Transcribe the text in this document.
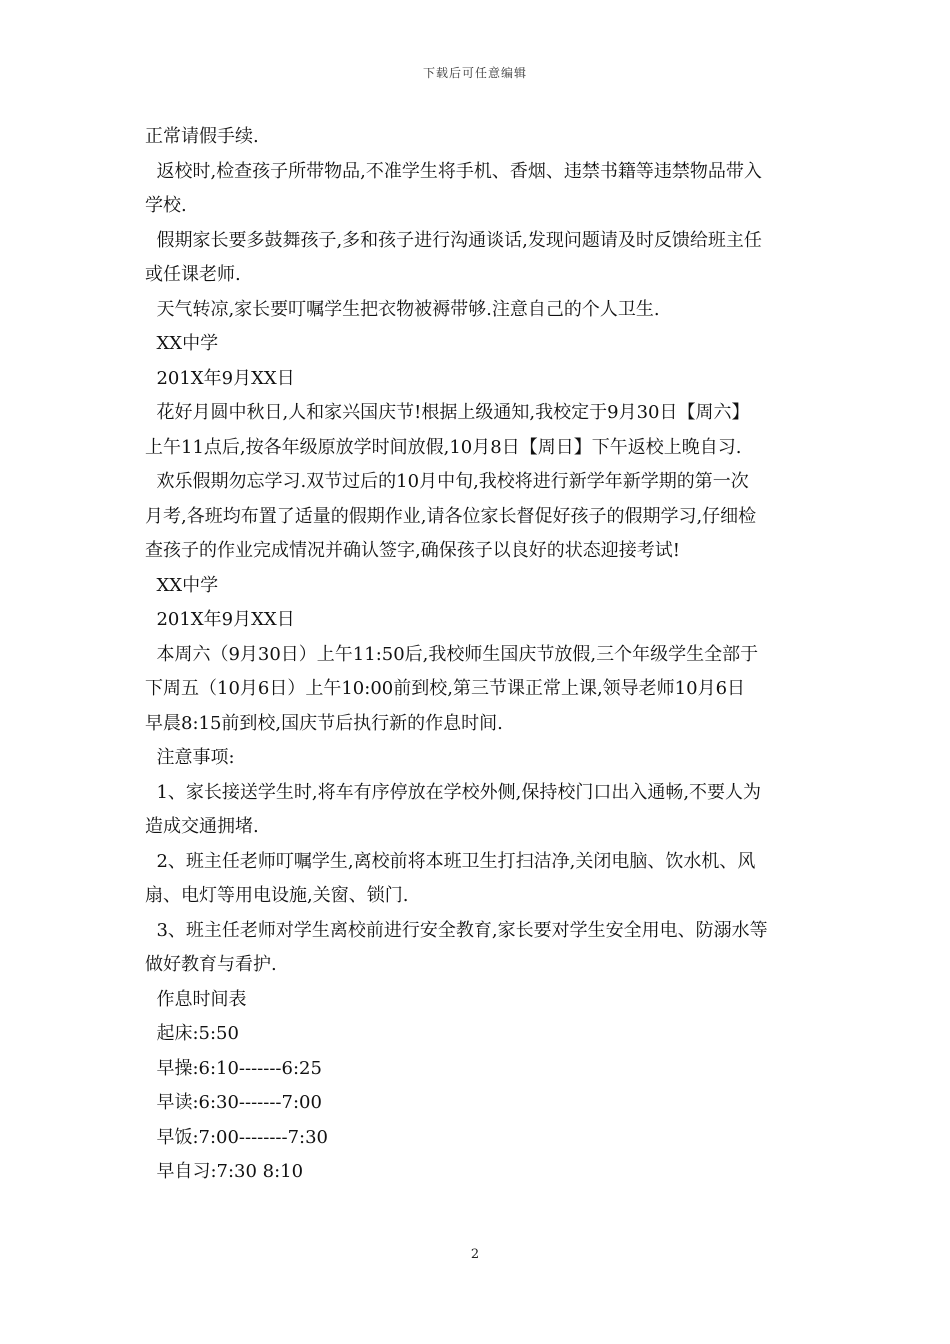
下载后可任意编辑
正常请假手续.
返校时,检查孩子所带物品,不准学生将手机、香烟、违禁书籍等违禁物品带入
学校.
假期家长要多鼓舞孩子,多和孩子进行沟通谈话,发现问题请及时反馈给班主任
或任课老师.
天气转凉,家长要叮嘱学生把衣物被褥带够.注意自己的个人卫生.
XX中学
201X年9月XX日
花好月圆中秋日,人和家兴国庆节!根据上级通知,我校定于9月30日【周六】
上午11点后,按各年级原放学时间放假,10月8日【周日】下午返校上晚自习.
欢乐假期勿忘学习.双节过后的10月中旬,我校将进行新学年新学期的第一次
月考,各班均布置了适量的假期作业,请各位家长督促好孩子的假期学习,仔细检
查孩子的作业完成情况并确认签字,确保孩子以良好的状态迎接考试!
XX中学
201X年9月XX日
本周六（9月30日）上午11:50后,我校师生国庆节放假,三个年级学生全部于
下周五（10月6日）上午10:00前到校,第三节课正常上课,领导老师10月6日
早晨8:15前到校,国庆节后执行新的作息时间.
注意事项:
1、家长接送学生时,将车有序停放在学校外侧,保持校门口出入通畅,不要人为
造成交通拥堵.
2、班主任老师叮嘱学生,离校前将本班卫生打扫洁净,关闭电脑、饮水机、风
扇、电灯等用电设施,关窗、锁门.
3、班主任老师对学生离校前进行安全教育,家长要对学生安全用电、防溺水等
做好教育与看护.
作息时间表
起床:5:50
早操:6:10-------6:25
早读:6:30-------7:00
早饭:7:00--------7:30
早自习:7:30 8:10
2
